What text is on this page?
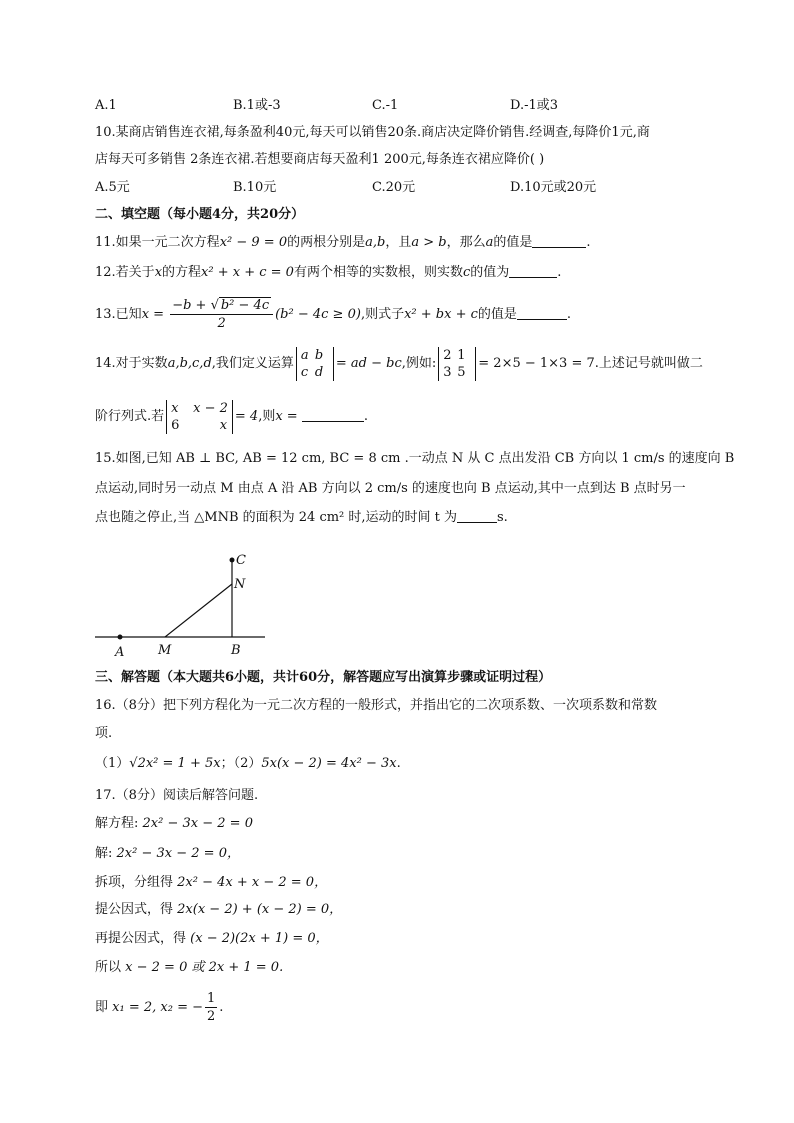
A.1	B.1或-3	C.-1	D.-1或3
10.某商店销售连衣裙,每条盈利40元,每天可以销售20条.商店决定降价销售.经调查,每降价1元,商
店每天可多销售 2条连衣裙.若想要商店每天盈利1 200元,每条连衣裙应降价( )
A.5元	B.10元	C.20元	D.10元或20元
二、填空题（每小题4分，共20分）
11.如果一元二次方程x² − 9 = 0的两根分别是a,b，且a > b，那么a的值是	.
12.若关于x的方程x² + x + c = 0有两个相等的实数根，则实数c的值为	.
13.已知$x = \frac{\text{−b + √ b² − 4c}}{2} (b^2 - 4c \ge 0)$,则式子x² + bx + c的值是	.
14.对于实数a,b,c,d,我们定义运算a b
c d= ad − bc,例如:2 1
3 5= 2×5 − 1×3 = 7.上述记号就叫做二
阶行列式.若x x − 2
6	x= 4,则x =	.
15.如图,已知 AB ⊥ BC, AB = 12 cm, BC = 8 cm .一动点 N 从 C 点出发沿 CB 方向以 1 cm/s 的速度向 B
点运动,同时另一动点 M 由点 A 沿 AB 方向以 2 cm/s 的速度也向 B 点运动,其中一点到达 B 点时另一
点也随之停止,当 △MNB 的面积为 24 cm² 时,运动的时间 t 为	s.
C
N
A	M	B
三、解答题（本大题共6小题，共计60分，解答题应写出演算步骤或证明过程）
16.（8分）把下列方程化为一元二次方程的一般形式，并指出它的二次项系数、一次项系数和常数
项.
（1）√2x² = 1 + 5x；（2）5x(x − 2) = 4x² − 3x.
17.（8分）阅读后解答问题.
解方程: 2x² − 3x − 2 = 0
解: 2x² − 3x − 2 = 0，
拆项，分组得 2x² − 4x + x − 2 = 0，
提公因式，得 2x(x − 2) + (x − 2) = 0，
再提公因式，得 (x − 2)(2x + 1) = 0，
所以 x − 2 = 0 或 2x + 1 = 0.
即 x₁ = 2, x₂ = − $\frac{1}{2}$ .
